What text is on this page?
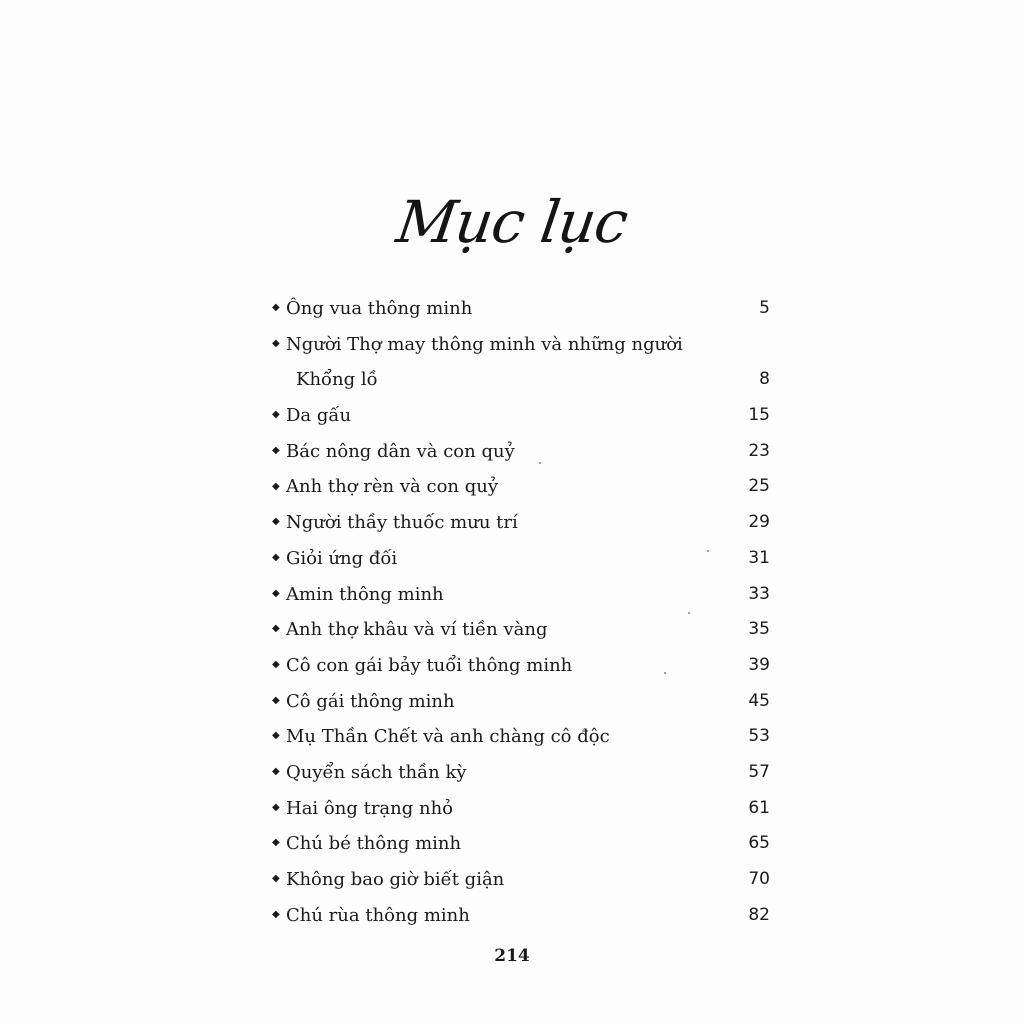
Mục lục
◆ Ông vua thông minh	5
◆ Người Thợ may thông minh và những người
Khổng lồ	8
◆ Da gấu	15
◆ Bác nông dân và con quỷ	23
◆ Anh thợ rèn và con quỷ	25
◆ Người thầy thuốc mưu trí	29
◆ Giỏi ứng đối	31
◆ Amin thông minh	33
◆ Anh thợ khâu và ví tiền vàng	35
◆ Cô con gái bảy tuổi thông minh	39
◆ Cô gái thông minh	45
◆ Mụ Thần Chết và anh chàng cô độc	53
◆ Quyển sách thần kỳ	57
◆ Hai ông trạng nhỏ	61
◆ Chú bé thông minh	65
◆ Không bao giờ biết giận	70
◆ Chú rùa thông minh	82
214
